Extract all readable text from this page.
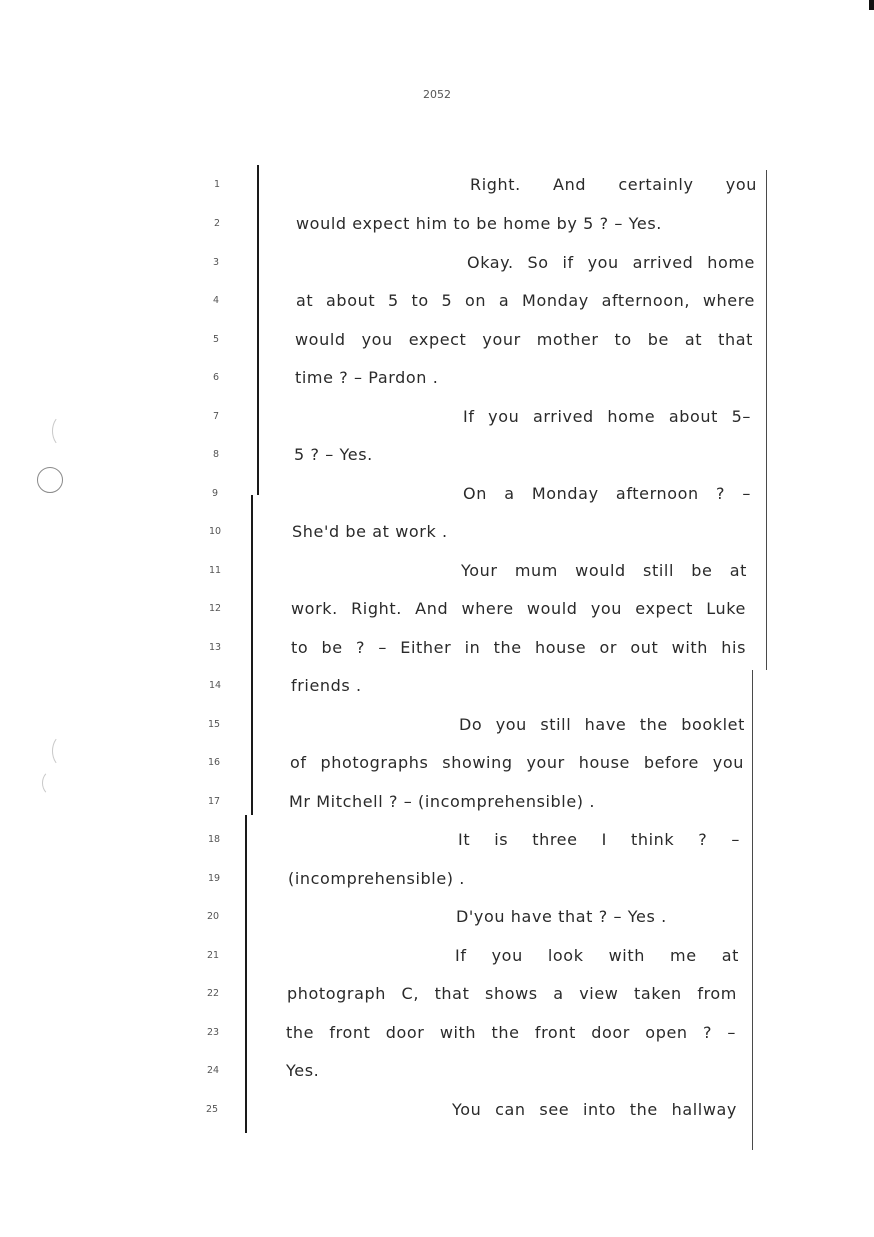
2052
1	Right. And certainly you
2	would expect him to be home by 5 ? – Yes.
3	Okay. So if you arrived home
4	at about 5 to 5 on a Monday afternoon, where
5	would you expect your mother to be at that
6	time ? – Pardon .
7	If you arrived home about 5–
8	5 ? – Yes.
9	On a Monday afternoon ? –
10	She'd be at work .
11	Your mum would still be at
12	work. Right. And where would you expect Luke
13	to be ? – Either in the house or out with his
14	friends .
15	Do you still have the booklet
16	of photographs showing your house before you
17	Mr Mitchell ? – (incomprehensible) .
18	It is three I think ? –
19	(incomprehensible) .
20	D'you have that ? – Yes .
21	If you look with me at
22	photograph C, that shows a view taken from
23	the front door with the front door open ? –
24	Yes.
25	You can see into the hallway
